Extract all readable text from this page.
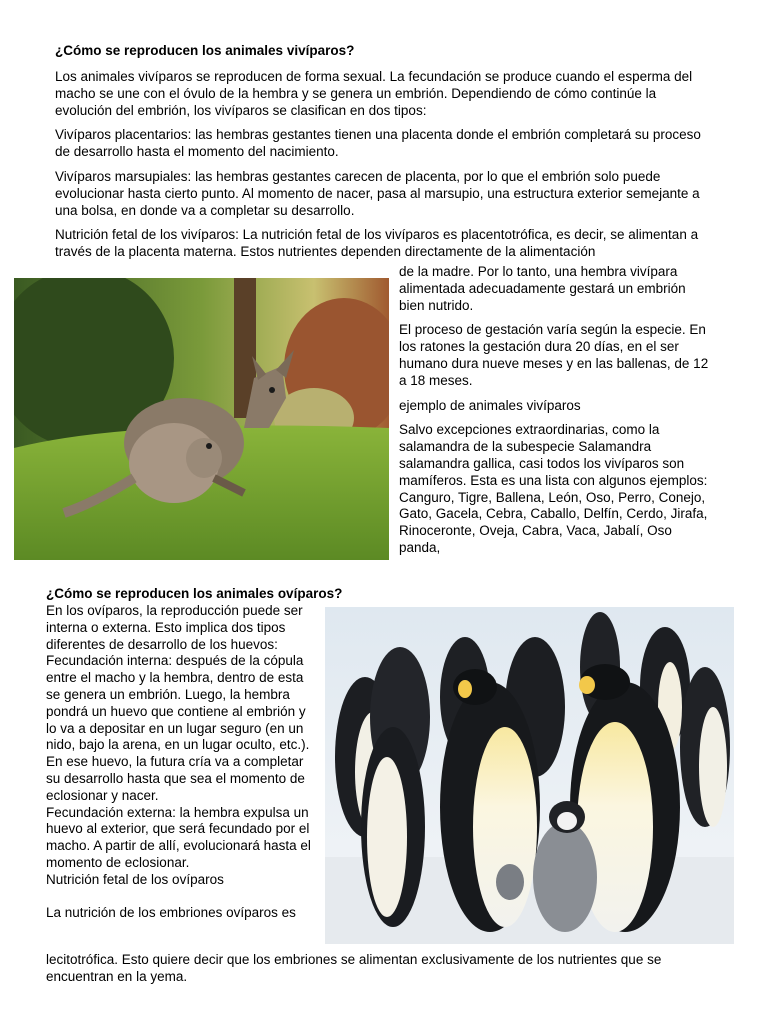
¿Cómo se reproducen los animales vivíparos?

Los animales vivíparos se reproducen de forma sexual. La fecundación se produce cuando el esperma del macho se une con el óvulo de la hembra y se genera un embrión. Dependiendo de cómo continúe la evolución del embrión, los vivíparos se clasifican en dos tipos:

Vivíparos placentarios: las hembras gestantes tienen una placenta donde el embrión completará su proceso de desarrollo hasta el momento del nacimiento.

Vivíparos marsupiales: las hembras gestantes carecen de placenta, por lo que el embrión solo puede evolucionar hasta cierto punto. Al momento de nacer, pasa al marsupio, una estructura exterior semejante a una bolsa, en donde va a completar su desarrollo.

Nutrición fetal de los vivíparos: La nutrición fetal de los vivíparos es placentotrófica, es decir, se alimentan a través de la placenta materna. Estos nutrientes dependen directamente de la alimentación

de la madre. Por lo tanto, una hembra vivípara alimentada adecuadamente gestará un embrión bien nutrido.

El proceso de gestación varía según la especie. En los ratones la gestación dura 20 días, en el ser humano dura nueve meses y en las ballenas, de 12 a 18 meses.

ejemplo de animales vivíparos

Salvo excepciones extraordinarias, como la salamandra de la subespecie Salamandra salamandra gallica, casi todos los vivíparos son mamíferos. Esta es una lista con algunos ejemplos: Canguro, Tigre, Ballena, León, Oso, Perro, Conejo, Gato, Gacela, Cebra, Caballo, Delfín, Cerdo, Jirafa, Rinoceronte, Oveja, Cabra, Vaca, Jabalí, Oso panda,

¿Cómo se reproducen los animales ovíparos?

En los ovíparos, la reproducción puede ser interna o externa. Esto implica dos tipos diferentes de desarrollo de los huevos:

Fecundación interna: después de la cópula entre el macho y la hembra, dentro de esta se genera un embrión. Luego, la hembra pondrá un huevo que contiene al embrión y lo va a depositar en un lugar seguro (en un nido, bajo la arena, en un lugar oculto, etc.). En ese huevo, la futura cría va a completar su desarrollo hasta que sea el momento de eclosionar y nacer.

Fecundación externa: la hembra expulsa un huevo al exterior, que será fecundado por el macho. A partir de allí, evolucionará hasta el momento de eclosionar.

Nutrición fetal de los ovíparos

La nutrición de los embriones ovíparos es

lecitotrófica. Esto quiere decir que los embriones se alimentan exclusivamente de los nutrientes que se encuentran en la yema.
